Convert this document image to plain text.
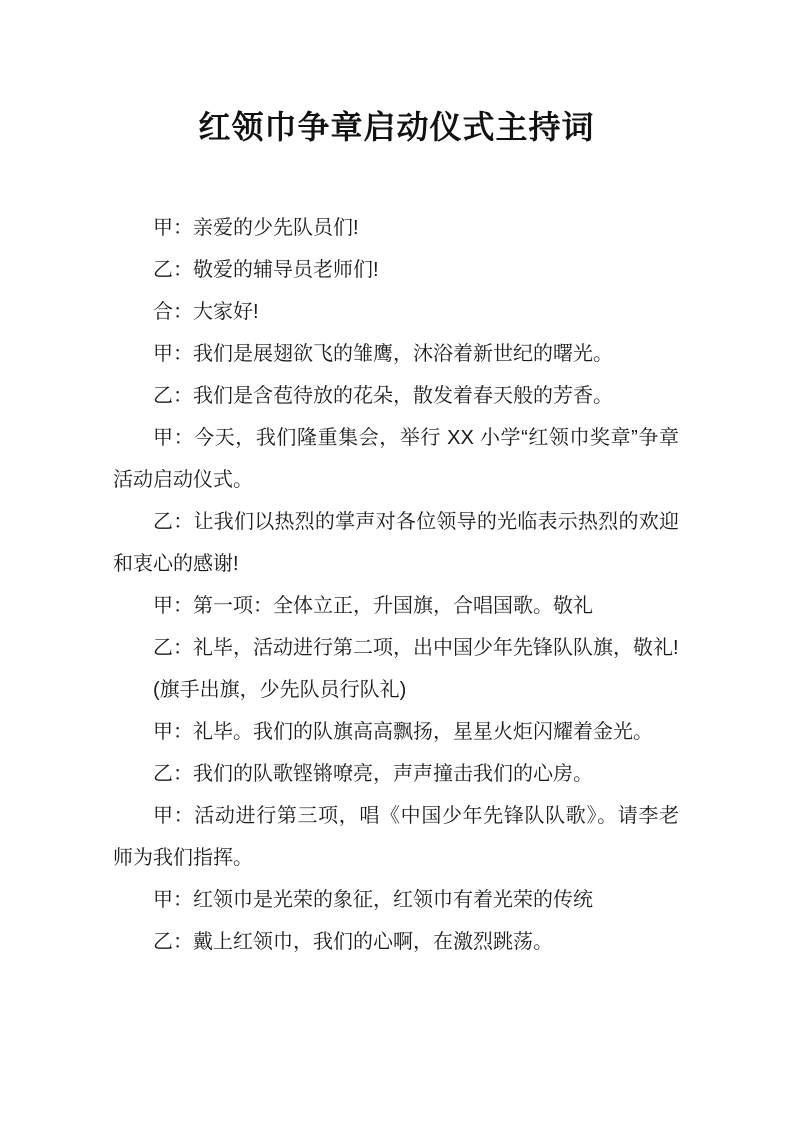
红领巾争章启动仪式主持词

甲：亲爱的少先队员们!

乙：敬爱的辅导员老师们!

合：大家好!

甲：我们是展翅欲飞的雏鹰，沐浴着新世纪的曙光。

乙：我们是含苞待放的花朵，散发着春天般的芳香。

甲：今天，我们隆重集会，举行 XX 小学“红领巾奖章”争章活动启动仪式。

乙：让我们以热烈的掌声对各位领导的光临表示热烈的欢迎和衷心的感谢!

甲：第一项：全体立正，升国旗，合唱国歌。敬礼

乙：礼毕，活动进行第二项，出中国少年先锋队队旗，敬礼!

(旗手出旗，少先队员行队礼)

甲：礼毕。我们的队旗高高飘扬，星星火炬闪耀着金光。

乙：我们的队歌铿锵嘹亮，声声撞击我们的心房。

甲：活动进行第三项，唱《中国少年先锋队队歌》。请李老师为我们指挥。

甲：红领巾是光荣的象征，红领巾有着光荣的传统

乙：戴上红领巾，我们的心啊，在激烈跳荡。
